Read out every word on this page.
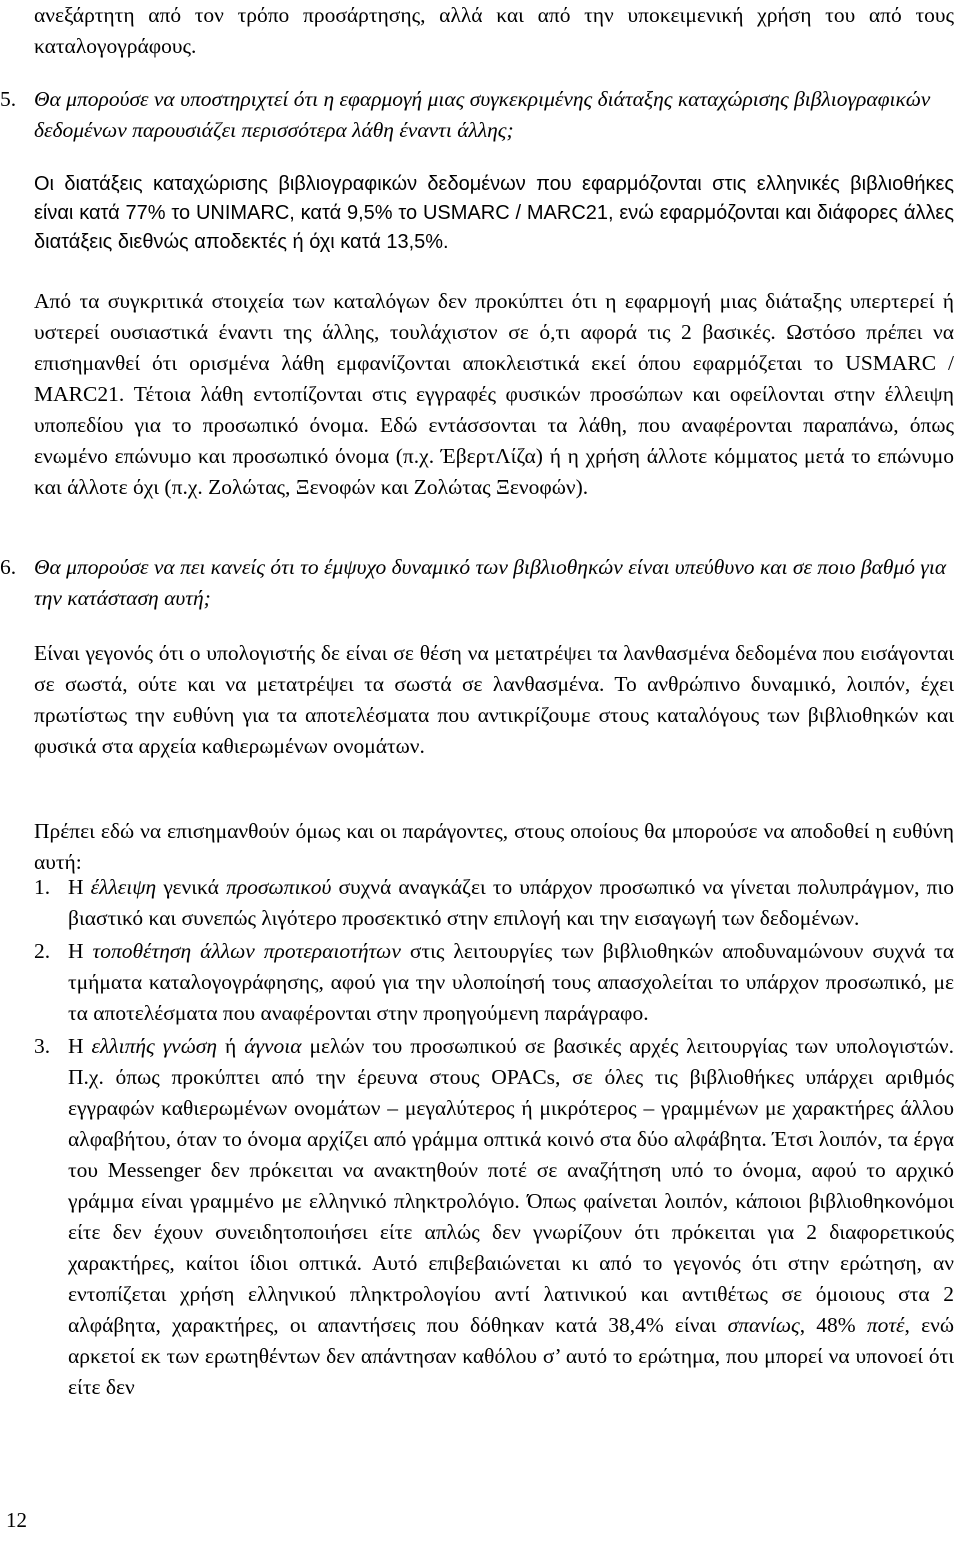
ανεξάρτητη από τον τρόπο προσάρτησης, αλλά και από την υποκειμενική χρήση του από τους καταλογογράφους.

5. Θα μπορούσε να υποστηριχτεί ότι η εφαρμογή μιας συγκεκριμένης διάταξης καταχώρισης βιβλιογραφικών δεδομένων παρουσιάζει περισσότερα λάθη έναντι άλλης;

Οι διατάξεις καταχώρισης βιβλιογραφικών δεδομένων που εφαρμόζονται στις ελληνικές βιβλιοθήκες είναι κατά 77% το UNIMARC, κατά 9,5% το USMARC / MARC21, ενώ εφαρμόζονται και διάφορες άλλες διατάξεις διεθνώς αποδεκτές ή όχι κατά 13,5%.

Από τα συγκριτικά στοιχεία των καταλόγων δεν προκύπτει ότι η εφαρμογή μιας διάταξης υπερτερεί ή υστερεί ουσιαστικά έναντι της άλλης, τουλάχιστον σε ό,τι αφορά τις 2 βασικές. Ωστόσο πρέπει να επισημανθεί ότι ορισμένα λάθη εμφανίζονται αποκλειστικά εκεί όπου εφαρμόζεται το USMARC / MARC21. Τέτοια λάθη εντοπίζονται στις εγγραφές φυσικών προσώπων και οφείλονται στην έλλειψη υποπεδίου για το προσωπικό όνομα. Εδώ εντάσσονται τα λάθη, που αναφέρονται παραπάνω, όπως ενωμένο επώνυμο και προσωπικό όνομα (π.χ. ΈβερτΛίζα) ή η χρήση άλλοτε κόμματος μετά το επώνυμο και άλλοτε όχι (π.χ. Ζολώτας, Ξενοφών και Ζολώτας Ξενοφών).

6. Θα μπορούσε να πει κανείς ότι το έμψυχο δυναμικό των βιβλιοθηκών είναι υπεύθυνο και σε ποιο βαθμό για την κατάσταση αυτή;

Είναι γεγονός ότι ο υπολογιστής δε είναι σε θέση να μετατρέψει τα λανθασμένα δεδομένα που εισάγονται σε σωστά, ούτε και να μετατρέψει τα σωστά σε λανθασμένα. Το ανθρώπινο δυναμικό, λοιπόν, έχει πρωτίστως την ευθύνη για τα αποτελέσματα που αντικρίζουμε στους καταλόγους των βιβλιοθηκών και φυσικά στα αρχεία καθιερωμένων ονομάτων.

Πρέπει εδώ να επισημανθούν όμως και οι παράγοντες, στους οποίους θα μπορούσε να αποδοθεί η ευθύνη αυτή:

1. Η έλλειψη γενικά προσωπικού συχνά αναγκάζει το υπάρχον προσωπικό να γίνεται πολυπράγμον, πιο βιαστικό και συνεπώς λιγότερο προσεκτικό στην επιλογή και την εισαγωγή των δεδομένων.
2. Η τοποθέτηση άλλων προτεραιοτήτων στις λειτουργίες των βιβλιοθηκών αποδυναμώνουν συχνά τα τμήματα καταλογογράφησης, αφού για την υλοποίησή τους απασχολείται το υπάρχον προσωπικό, με τα αποτελέσματα που αναφέρονται στην προηγούμενη παράγραφο.
3. Η ελλιπής γνώση ή άγνοια μελών του προσωπικού σε βασικές αρχές λειτουργίας των υπολογιστών. Π.χ. όπως προκύπτει από την έρευνα στους OPACs, σε όλες τις βιβλιοθήκες υπάρχει αριθμός εγγραφών καθιερωμένων ονομάτων – μεγαλύτερος ή μικρότερος – γραμμένων με χαρακτήρες άλλου αλφαβήτου, όταν το όνομα αρχίζει από γράμμα οπτικά κοινό στα δύο αλφάβητα. Έτσι λοιπόν, τα έργα του Messenger δεν πρόκειται να ανακτηθούν ποτέ σε αναζήτηση υπό το όνομα, αφού το αρχικό γράμμα είναι γραμμένο με ελληνικό πληκτρολόγιο. Όπως φαίνεται λοιπόν, κάποιοι βιβλιοθηκονόμοι είτε δεν έχουν συνειδητοποιήσει είτε απλώς δεν γνωρίζουν ότι πρόκειται για 2 διαφορετικούς χαρακτήρες, καίτοι ίδιοι οπτικά. Αυτό επιβεβαιώνεται κι από το γεγονός ότι στην ερώτηση, αν εντοπίζεται χρήση ελληνικού πληκτρολογίου αντί λατινικού και αντιθέτως σε όμοιους στα 2 αλφάβητα, χαρακτήρες, οι απαντήσεις που δόθηκαν κατά 38,4% είναι σπανίως, 48% ποτέ, ενώ αρκετοί εκ των ερωτηθέντων δεν απάντησαν καθόλου σ’ αυτό το ερώτημα, που μπορεί να υπονοεί ότι είτε δεν
12
